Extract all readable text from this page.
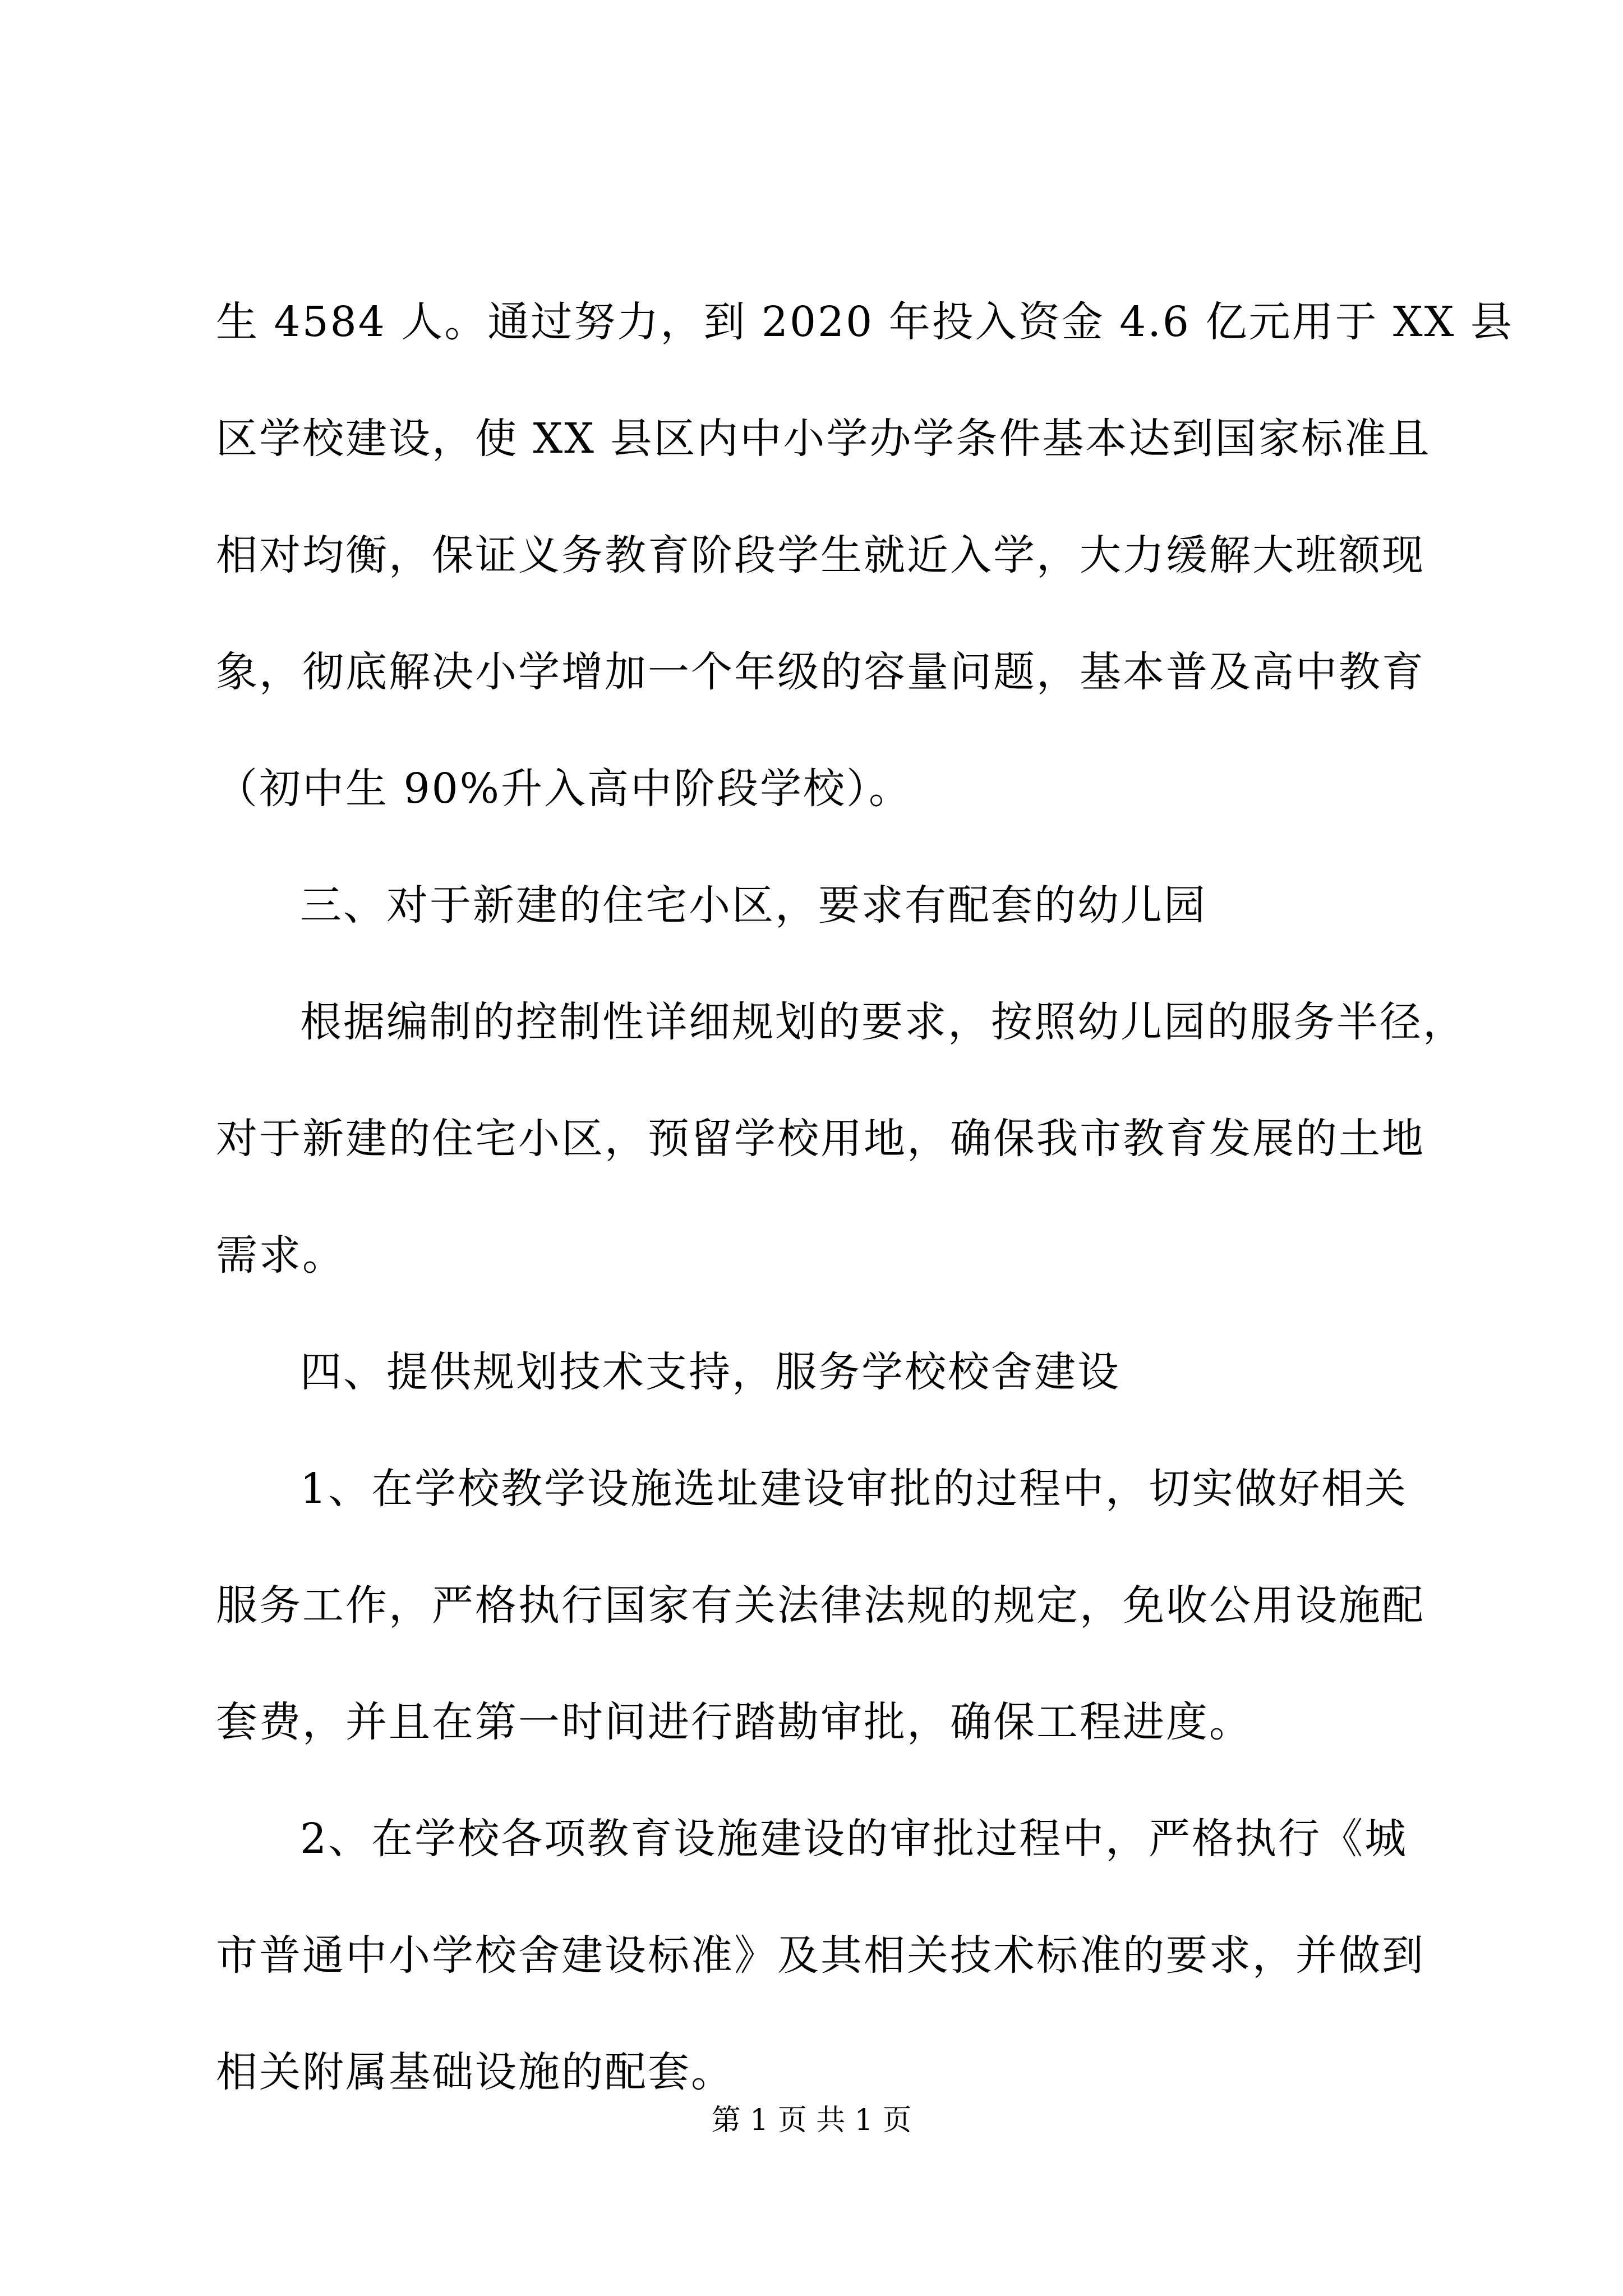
生 4584 人。通过努力，到 2020 年投入资金 4.6 亿元用于 XX 县
区学校建设，使 XX 县区内中小学办学条件基本达到国家标准且
相对均衡，保证义务教育阶段学生就近入学，大力缓解大班额现
象，彻底解决小学增加一个年级的容量问题，基本普及高中教育
（初中生 90%升入高中阶段学校）。
三、对于新建的住宅小区，要求有配套的幼儿园
根据编制的控制性详细规划的要求，按照幼儿园的服务半径，
对于新建的住宅小区，预留学校用地，确保我市教育发展的土地
需求。
四、提供规划技术支持，服务学校校舍建设
1、在学校教学设施选址建设审批的过程中，切实做好相关
服务工作，严格执行国家有关法律法规的规定，免收公用设施配
套费，并且在第一时间进行踏勘审批，确保工程进度。
2、在学校各项教育设施建设的审批过程中，严格执行《城
市普通中小学校舍建设标准》及其相关技术标准的要求，并做到
相关附属基础设施的配套。
第 1 页 共 1 页
